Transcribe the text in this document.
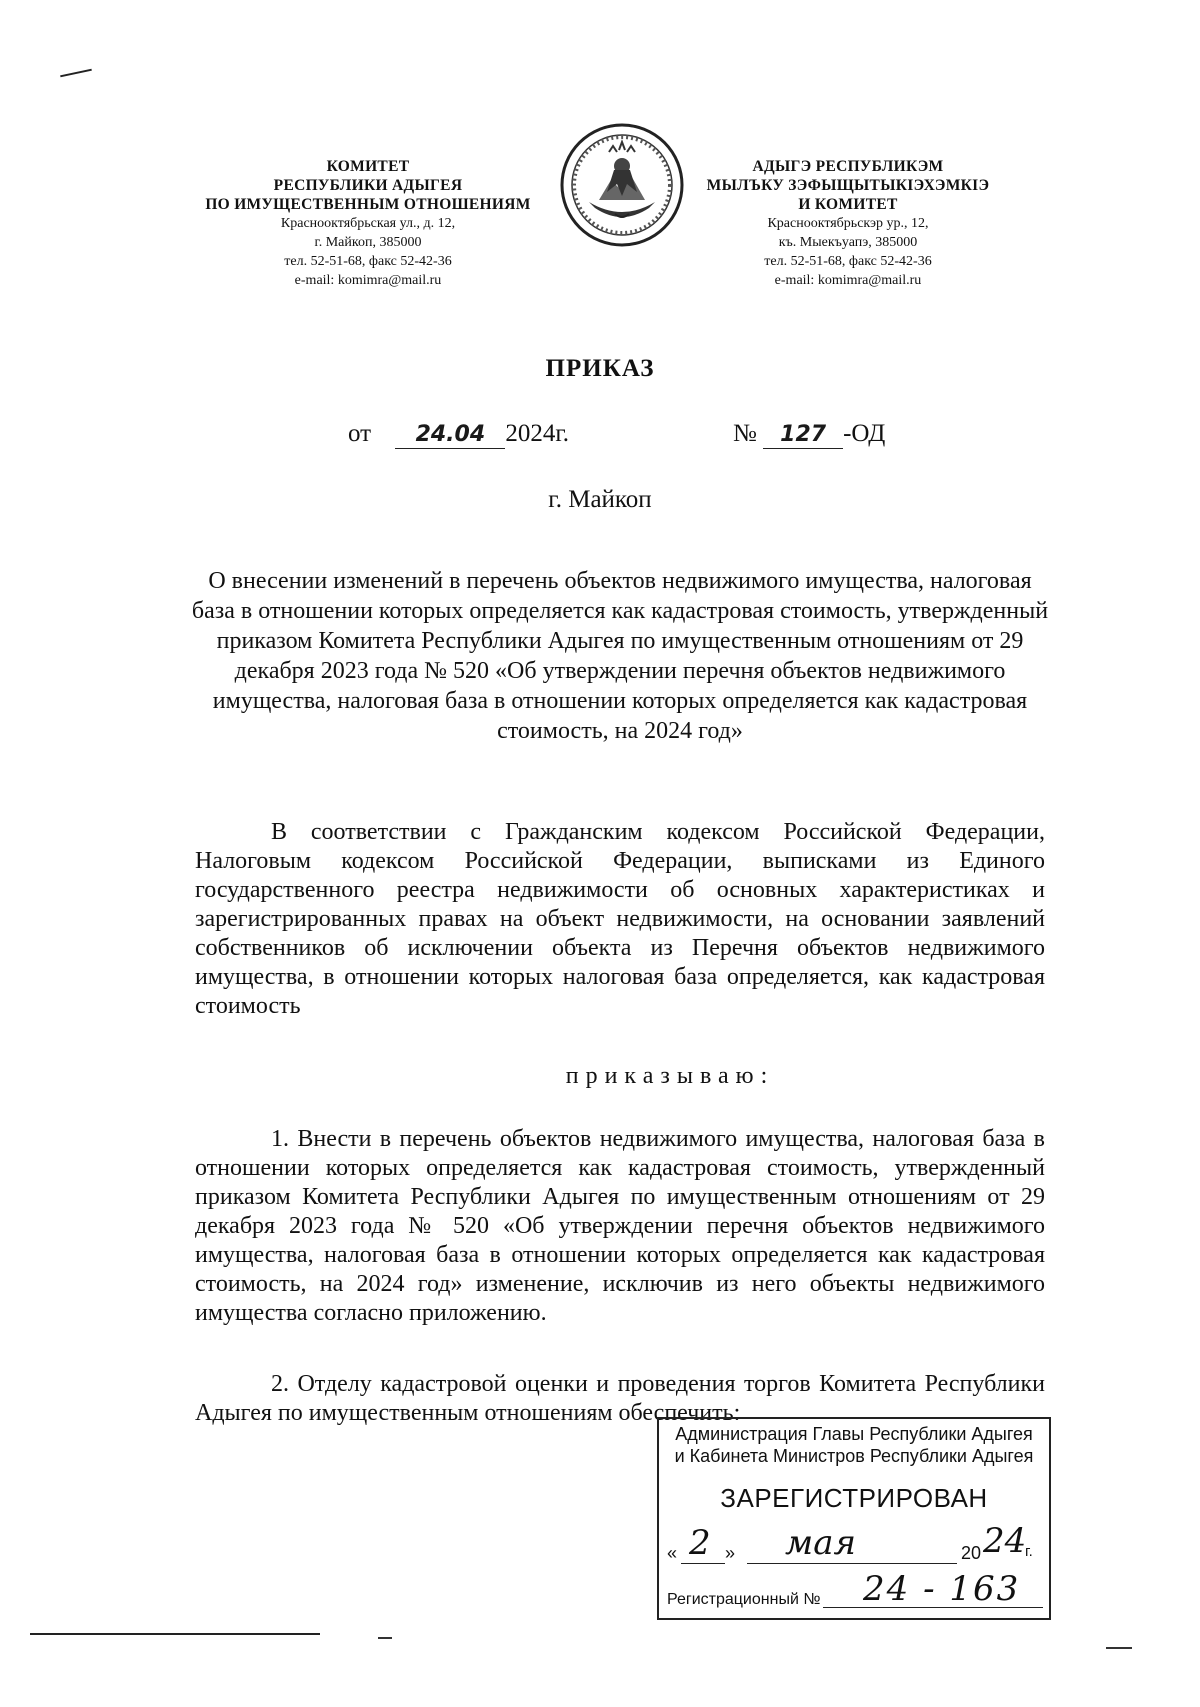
КОМИТЕТ
РЕСПУБЛИКИ АДЫГЕЯ
ПО ИМУЩЕСТВЕННЫМ ОТНОШЕНИЯМ
Краснооктябрьская ул., д. 12,
г. Майкоп, 385000
тел. 52-51-68, факс 52-42-36
e-mail: komimra@mail.ru
АДЫГЭ РЕСПУБЛИКЭМ
МЫЛЪКУ ЗЭФЫЩЫТЫКІЭХЭМКІЭ
И КОМИТЕТ
Краснооктябрьскэр ур., 12,
къ. Мыекъуапэ, 385000
тел. 52-51-68, факс 52-42-36
e-mail: komimra@mail.ru
ПРИКАЗ
от 24.04 2024г.	№ 127 -ОД
г. Майкоп
О внесении изменений в перечень объектов недвижимого имущества, налоговая база в отношении которых определяется как кадастровая стоимость, утвержденный приказом Комитета Республики Адыгея по имущественным отношениям от 29 декабря 2023 года № 520 «Об утверждении перечня объектов недвижимого имущества, налоговая база в отношении которых определяется как кадастровая стоимость, на 2024 год»
В соответствии с Гражданским кодексом Российской Федерации, Налоговым кодексом Российской Федерации, выписками из Единого государственного реестра недвижимости об основных характеристиках и зарегистрированных правах на объект недвижимости, на основании заявлений собственников об исключении объекта из Перечня объектов недвижимого имущества, в отношении которых налоговая база определяется, как кадастровая стоимость
приказываю:
1. Внести в перечень объектов недвижимого имущества, налоговая база в отношении которых определяется как кадастровая стоимость, утвержденный приказом Комитета Республики Адыгея по имущественным отношениям от 29 декабря 2023 года № 520 «Об утверждении перечня объектов недвижимого имущества, налоговая база в отношении которых определяется как кадастровая стоимость, на 2024 год» изменение, исключив из него объекты недвижимого имущества согласно приложению.
2. Отделу кадастровой оценки и проведения торгов Комитета Республики Адыгея по имущественным отношениям обеспечить:
Администрация Главы Республики Адыгея
и Кабинета Министров Республики Адыгея
ЗАРЕГИСТРИРОВАН
« 2 » мая	20 24
г.
Регистрационный № 24 - 163
